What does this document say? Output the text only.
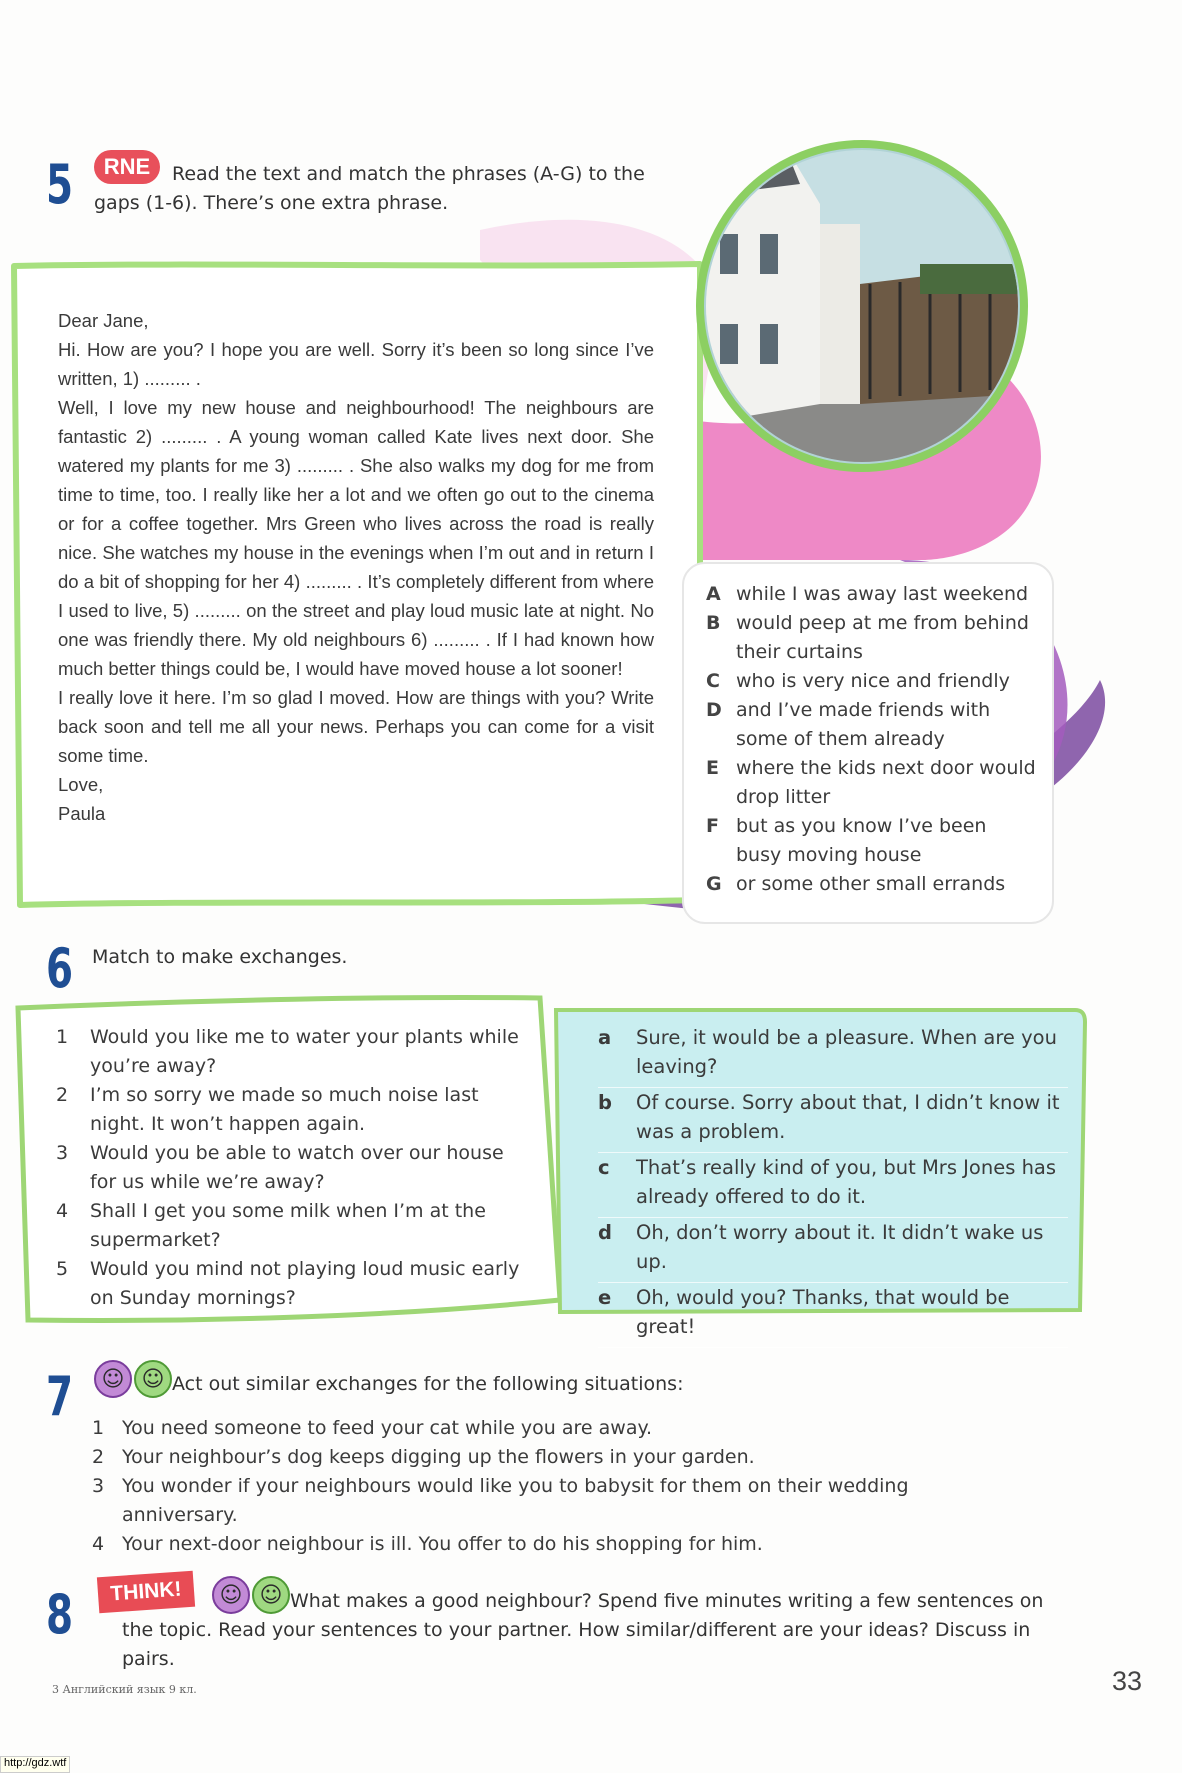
5	RNE	Read the text and match the phrases (A-G) to the gaps (1-6). There’s one extra phrase.

Dear Jane,

Hi. How are you? I hope you are well. Sorry it’s been so long since I’ve written, 1) ......... .

Well, I love my new house and neighbourhood! The neighbours are fantastic 2) ......... . A young woman called Kate lives next door. She watered my plants for me 3) ......... . She also walks my dog for me from time to time, too. I really like her a lot and we often go out to the cinema or for a coffee together. Mrs Green who lives across the road is really nice. She watches my house in the evenings when I’m out and in return I do a bit of shopping for her 4) ......... . It’s completely different from where I used to live, 5) ......... on the street and play loud music late at night. No one was friendly there. My old neighbours 6) ......... . If I had known how much better things could be, I would have moved house a lot sooner!

I really love it here. I’m so glad I moved. How are things with you? Write back soon and tell me all your news. Perhaps you can come for a visit some time.

Love,

Paula

A while I was away last weekend
B would peep at me from behind their curtains
C who is very nice and friendly
D and I’ve made friends with some of them already
E where the kids next door would drop litter
F but as you know I’ve been busy moving house
G or some other small errands
6 Match to make exchanges.
1	Would you like me to water your plants while you’re away?
2	I’m so sorry we made so much noise last night. It won’t happen again.
3	Would you be able to watch over our house for us while we’re away?
4	Shall I get you some milk when I’m at the supermarket?
5	Would you mind not playing loud music early on Sunday mornings?
a	Sure, it would be a pleasure. When are you leaving?
b	Of course. Sorry about that, I didn’t know it was a problem.
c	That’s really kind of you, but Mrs Jones has already offered to do it.
d	Oh, don’t worry about it. It didn’t wake us up.
e	Oh, would you? Thanks, that would be great!
7	☺ ☺ Act out similar exchanges for the following situations:
1 You need someone to feed your cat while you are away.
2 Your neighbour’s dog keeps digging up the flowers in your garden.
3 You wonder if your neighbours would like you to babysit for them on their wedding anniversary.
4 Your next-door neighbour is ill. You offer to do his shopping for him.
8	THINK!	☺ ☺ What makes a good neighbour? Spend five minutes writing a few sentences on the topic. Read your sentences to your partner. How similar/different are your ideas? Discuss in pairs.
3 Английский язык 9 кл.	33
http://gdz.wtf
